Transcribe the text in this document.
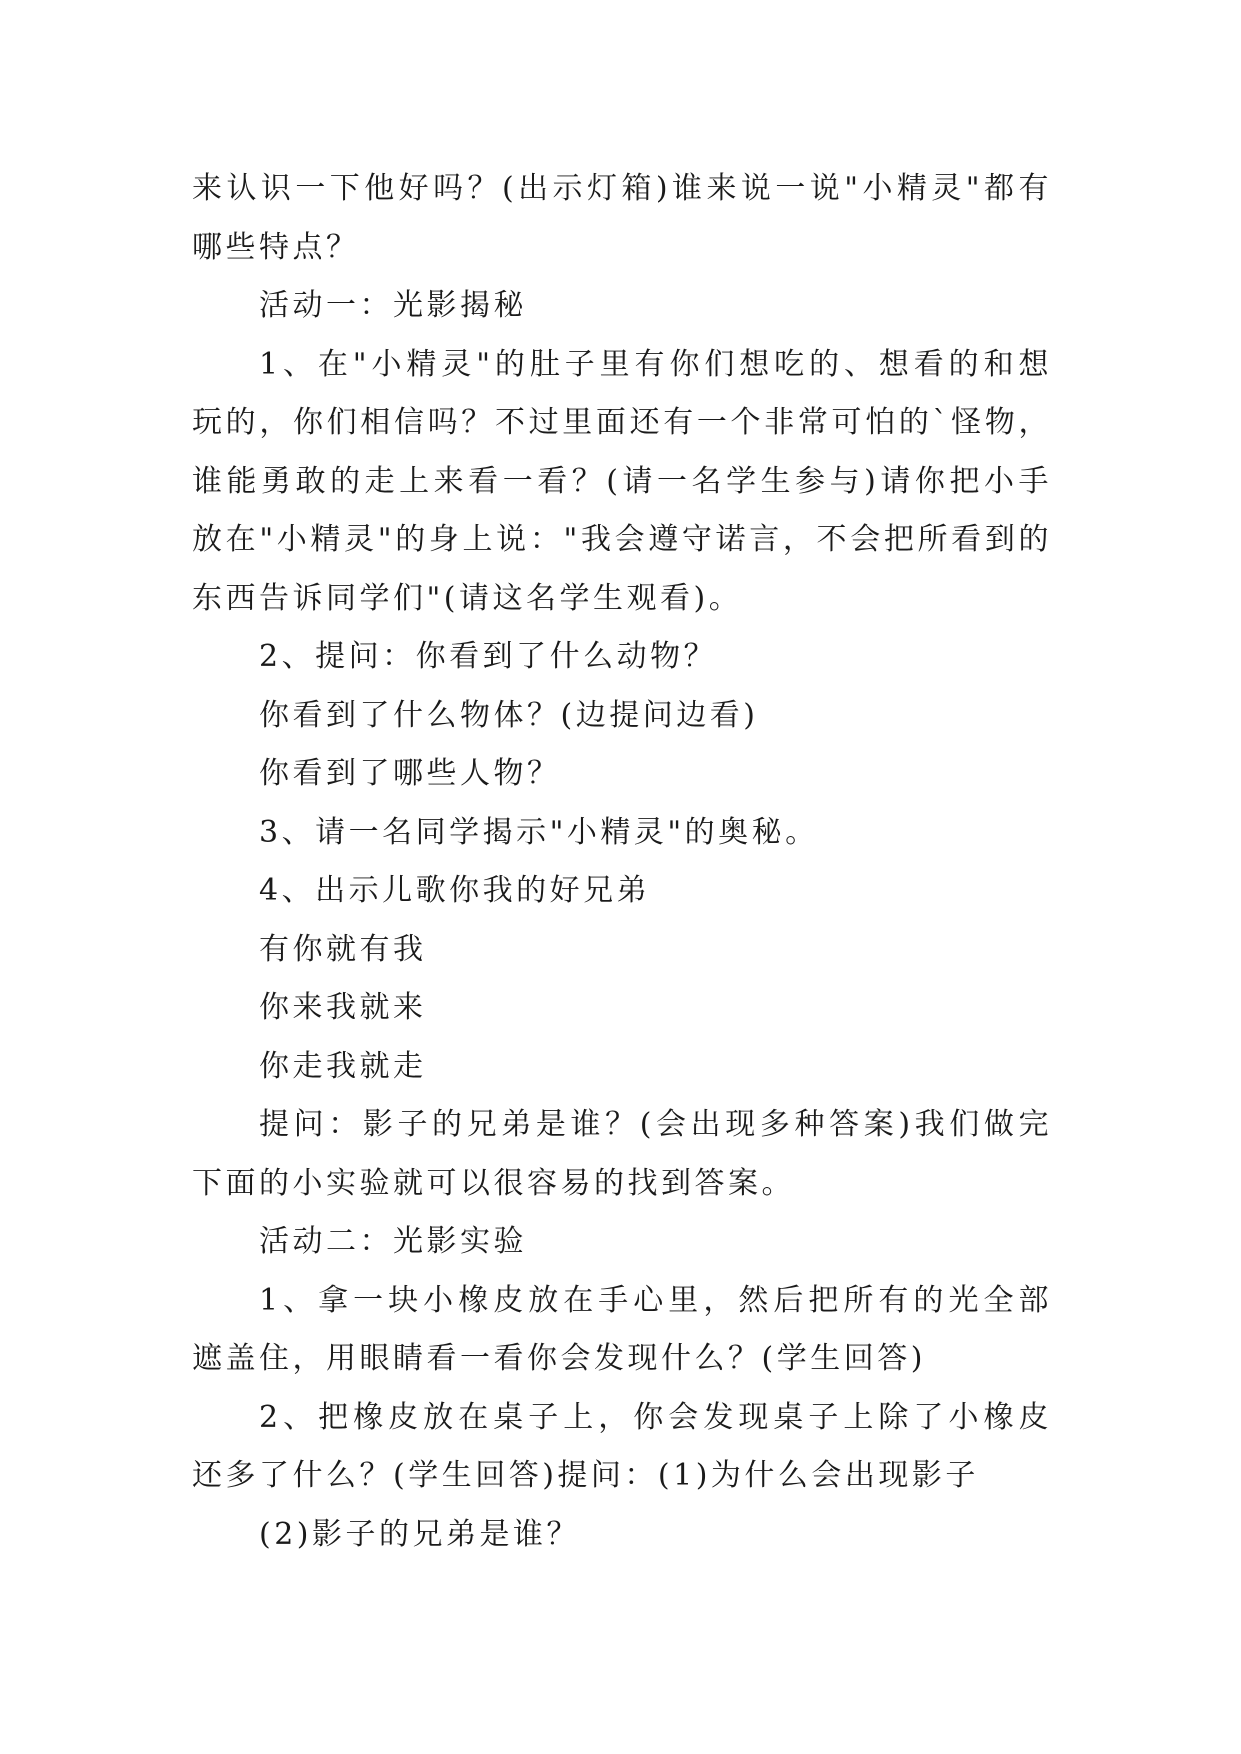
来认识一下他好吗？(出示灯箱)谁来说一说"小精灵"都有哪些特点？

活动一：光影揭秘

1、在"小精灵"的肚子里有你们想吃的、想看的和想玩的，你们相信吗？不过里面还有一个非常可怕的`怪物，谁能勇敢的走上来看一看？(请一名学生参与)请你把小手放在"小精灵"的身上说："我会遵守诺言，不会把所看到的东西告诉同学们"(请这名学生观看)。

2、提问：你看到了什么动物？

你看到了什么物体？(边提问边看)

你看到了哪些人物？

3、请一名同学揭示"小精灵"的奥秘。

4、出示儿歌你我的好兄弟

有你就有我

你来我就来

你走我就走

提问：影子的兄弟是谁？(会出现多种答案)我们做完下面的小实验就可以很容易的找到答案。

活动二：光影实验

1、拿一块小橡皮放在手心里，然后把所有的光全部遮盖住，用眼睛看一看你会发现什么？(学生回答)

2、把橡皮放在桌子上，你会发现桌子上除了小橡皮还多了什么？(学生回答)提问：(1)为什么会出现影子

(2)影子的兄弟是谁？
